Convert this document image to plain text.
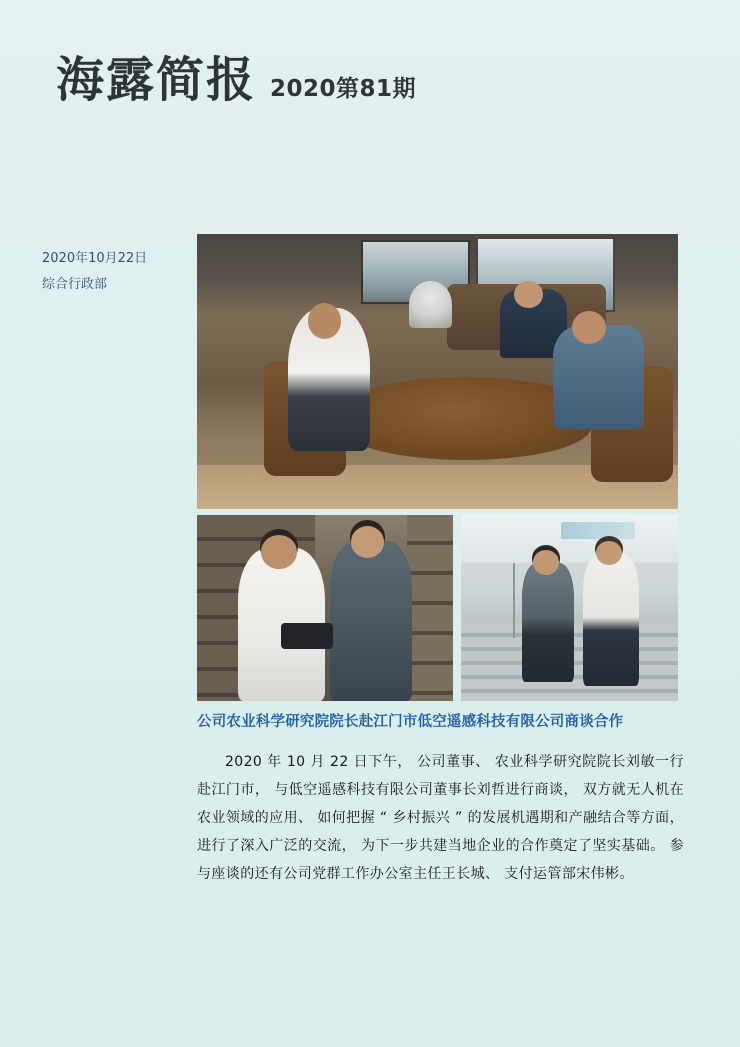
海露简报 2020第81期
2020年10月22日
综合行政部
公司农业科学研究院院长赴江门市低空遥感科技有限公司商谈合作
2020 年 10 月 22 日下午， 公司董事、 农业科学研究院院长刘敏一行赴江门市， 与低空遥感科技有限公司董事长刘哲进行商谈， 双方就无人机在农业领域的应用、 如何把握 “ 乡村振兴 ” 的发展机遇期和产融结合等方面， 进行了深入广泛的交流， 为下一步共建当地企业的合作奠定了坚实基础。 参与座谈的还有公司党群工作办公室主任王长城、 支付运管部宋伟彬。
